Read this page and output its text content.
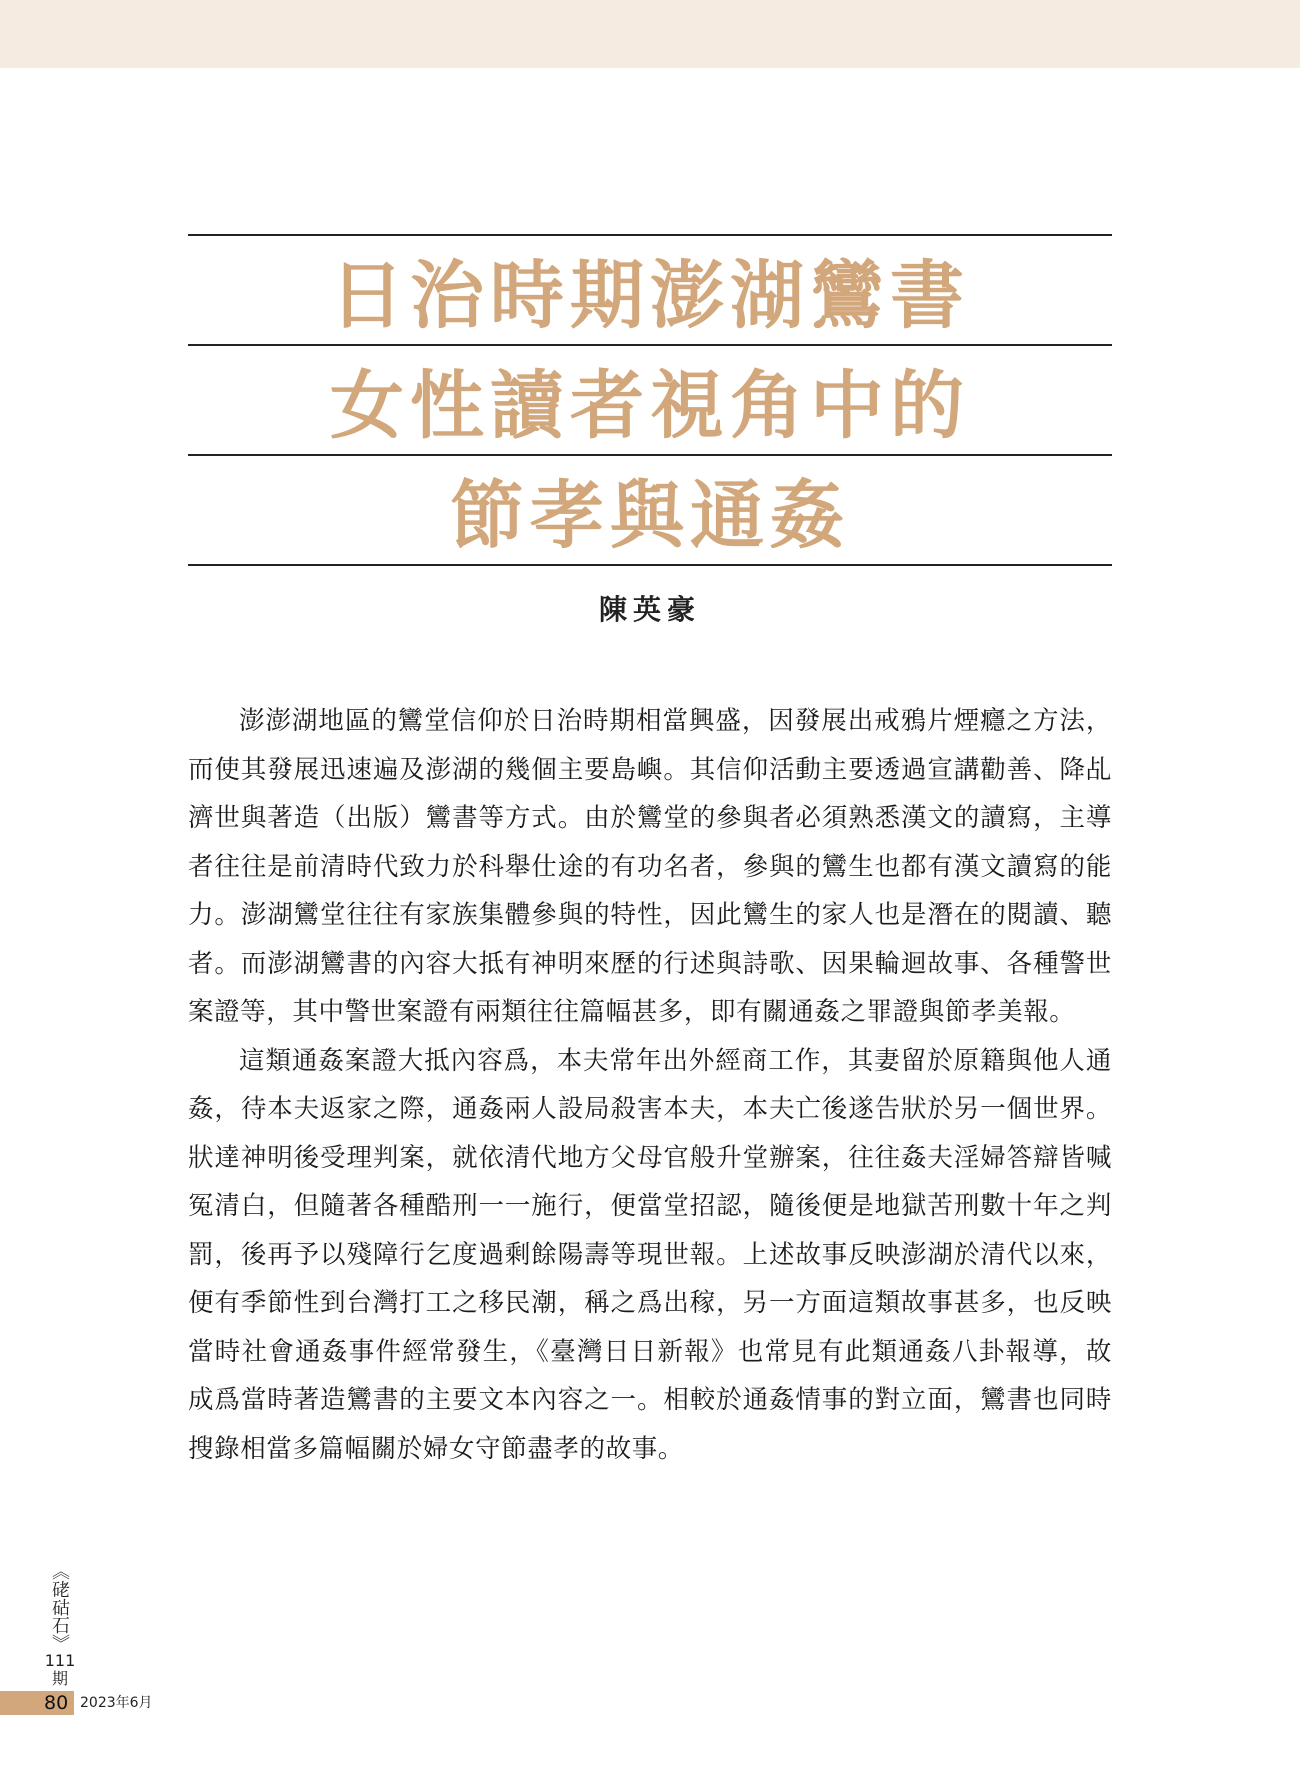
日治時期澎湖鸞書
女性讀者視角中的
節孝與通姦
陳英豪

澎澎湖地區的鸞堂信仰於日治時期相當興盛，因發展出戒鴉片煙癮之方法，而使其發展迅速遍及澎湖的幾個主要島嶼。其信仰活動主要透過宣講勸善、降乩濟世與著造（出版）鸞書等方式。由於鸞堂的參與者必須熟悉漢文的讀寫，主導者往往是前清時代致力於科舉仕途的有功名者，參與的鸞生也都有漢文讀寫的能力。澎湖鸞堂往往有家族集體參與的特性，因此鸞生的家人也是潛在的閱讀、聽者。而澎湖鸞書的內容大抵有神明來歷的行述與詩歌、因果輪迴故事、各種警世案證等，其中警世案證有兩類往往篇幅甚多，即有關通姦之罪證與節孝美報。

這類通姦案證大抵內容爲，本夫常年出外經商工作，其妻留於原籍與他人通姦，待本夫返家之際，通姦兩人設局殺害本夫，本夫亡後遂告狀於另一個世界。狀達神明後受理判案，就依清代地方父母官般升堂辦案，往往姦夫淫婦答辯皆喊冤清白，但隨著各種酷刑一一施行，便當堂招認，隨後便是地獄苦刑數十年之判罰，後再予以殘障行乞度過剩餘陽壽等現世報。上述故事反映澎湖於清代以來，便有季節性到台灣打工之移民潮，稱之爲出稼，另一方面這類故事甚多，也反映當時社會通姦事件經常發生，《臺灣日日新報》也常見有此類通姦八卦報導，故成爲當時著造鸞書的主要文本內容之一。相較於通姦情事的對立面，鸞書也同時搜錄相當多篇幅關於婦女守節盡孝的故事。

《硓𥑮石》
111
期
80 2023年6月
